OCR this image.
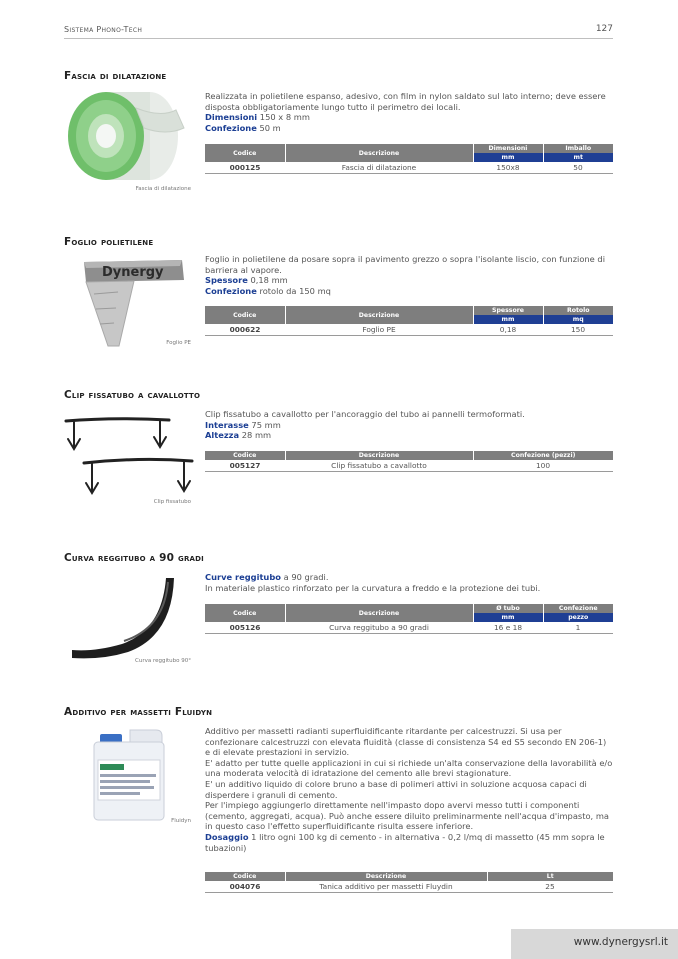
Sistema Phono-Tech	127
Fascia di dilatazione
Fascia di dilatazione

Realizzata in polietilene espanso, adesivo, con film in nylon saldato sul lato interno; deve essere disposta obbligatoriamente lungo tutto il perimetro dei locali.

Dimensioni 150 x 8 mm

Confezione 50 m

Codice	Descrizione	Dimensioni	Imballo
		mm	mt
000125	Fascia di dilatazione	150x8	50
Foglio polietilene
Dynergy
Foglio PE

Foglio in polietilene da posare sopra il pavimento grezzo o sopra l'isolante liscio, con funzione di barriera al vapore.

Spessore 0,18 mm

Confezione rotolo da 150 mq

Codice	Descrizione	Spessore	Rotolo
		mm	mq
000622	Foglio PE	0,18	150
Clip fissatubo a cavallotto
Clip fissatubo

Clip fissatubo a cavallotto per l'ancoraggio del tubo ai pannelli termoformati.

Interasse 75 mm

Altezza 28 mm

Codice	Descrizione	Confezione (pezzi)
005127	Clip fissatubo a cavallotto	100
Curva reggitubo a 90 gradi
Curva reggitubo 90°

Curve reggitubo a 90 gradi.

In materiale plastico rinforzato per la curvatura a freddo e la protezione dei tubi.

Codice	Descrizione	Ø tubo	Confezione
		mm	pezzo
005126	Curva reggitubo a 90 gradi	16 e 18	1
Additivo per massetti Fluidyn
Fluidyn

Additivo per massetti radianti superfluidificante ritardante per calcestruzzi. Si usa per confezionare calcestruzzi con elevata fluidità (classe di consistenza S4 ed S5 secondo EN 206-1) e di elevate prestazioni in servizio.

E' adatto per tutte quelle applicazioni in cui si richiede un'alta conservazione della lavorabilità e/o una moderata velocità di idratazione del cemento alle brevi stagionature.

E' un additivo liquido di colore bruno a base di polimeri attivi in soluzione acquosa capaci di disperdere i granuli di cemento.

Per l'impiego aggiungerlo direttamente nell'impasto dopo avervi messo tutti i componenti (cemento, aggregati, acqua). Può anche essere diluito preliminarmente nell'acqua d'impasto, ma in questo caso l'effetto superfluidificante risulta essere inferiore.

Dosaggio 1 litro ogni 100 kg di cemento - in alternativa - 0,2 l/mq di massetto (45 mm sopra le tubazioni)

Codice	Descrizione	Lt
004076	Tanica additivo per massetti Fluydin	25
www.dynergysrl.it
